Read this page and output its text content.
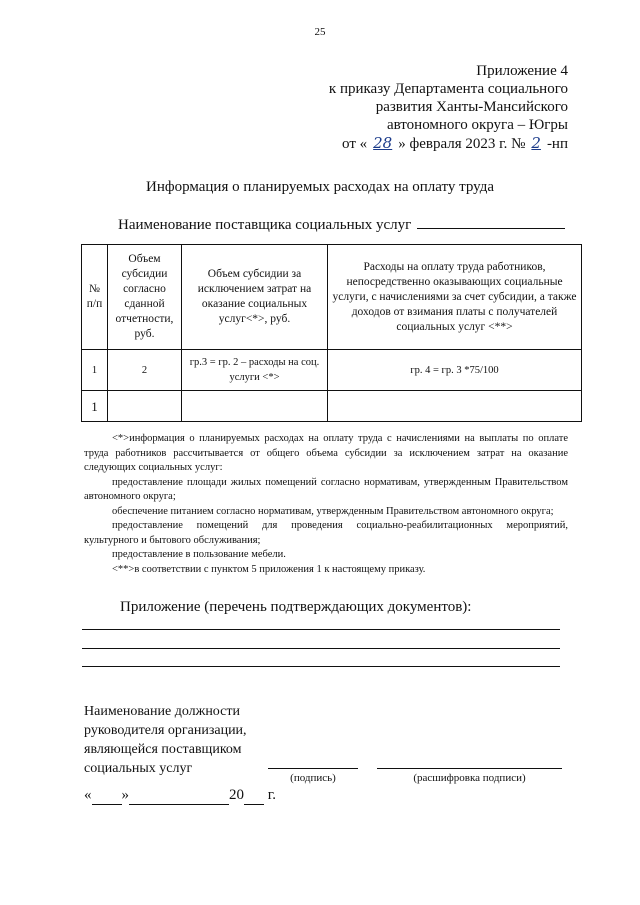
25
Приложение 4
к приказу Департамента социального
развития Ханты-Мансийского
автономного округа – Югры
от « 28 » февраля 2023 г. № 2 -нп
Информация о планируемых расходах на оплату труда
Наименование поставщика социальных услуг
№ п/п	Объем субсидии согласно сданной отчетности, руб.	Объем субсидии за исключением затрат на оказание социальных услуг<*>, руб.	Расходы на оплату труда работников, непосредственно оказывающих социальные услуги, с начислениями за счет субсидии, а также доходов от взимания платы с получателей социальных услуг <**>
1	2	гр.3 = гр. 2 – расходы на соц. услуги <*>	гр. 4 = гр. 3 *75/100
1			

<*>информация о планируемых расходах на оплату труда с начислениями на выплаты по оплате труда работников рассчитывается от общего объема субсидии за исключением затрат на оказание следующих социальных услуг:

предоставление площади жилых помещений согласно нормативам, утвержденным Правительством автономного округа;

обеспечение питанием согласно нормативам, утвержденным Правительством автономного округа;

предоставление помещений для проведения социально-реабилитационных мероприятий, культурного и бытового обслуживания;

предоставление в пользование мебели.

<**>в соответствии с пунктом 5 приложения 1 к настоящему приказу.

Приложение (перечень подтверждающих документов):
Наименование должности
руководителя организации,
являющейся поставщиком
социальных услуг
(подпись)	(расшифровка подписи)
« »	20 г.
